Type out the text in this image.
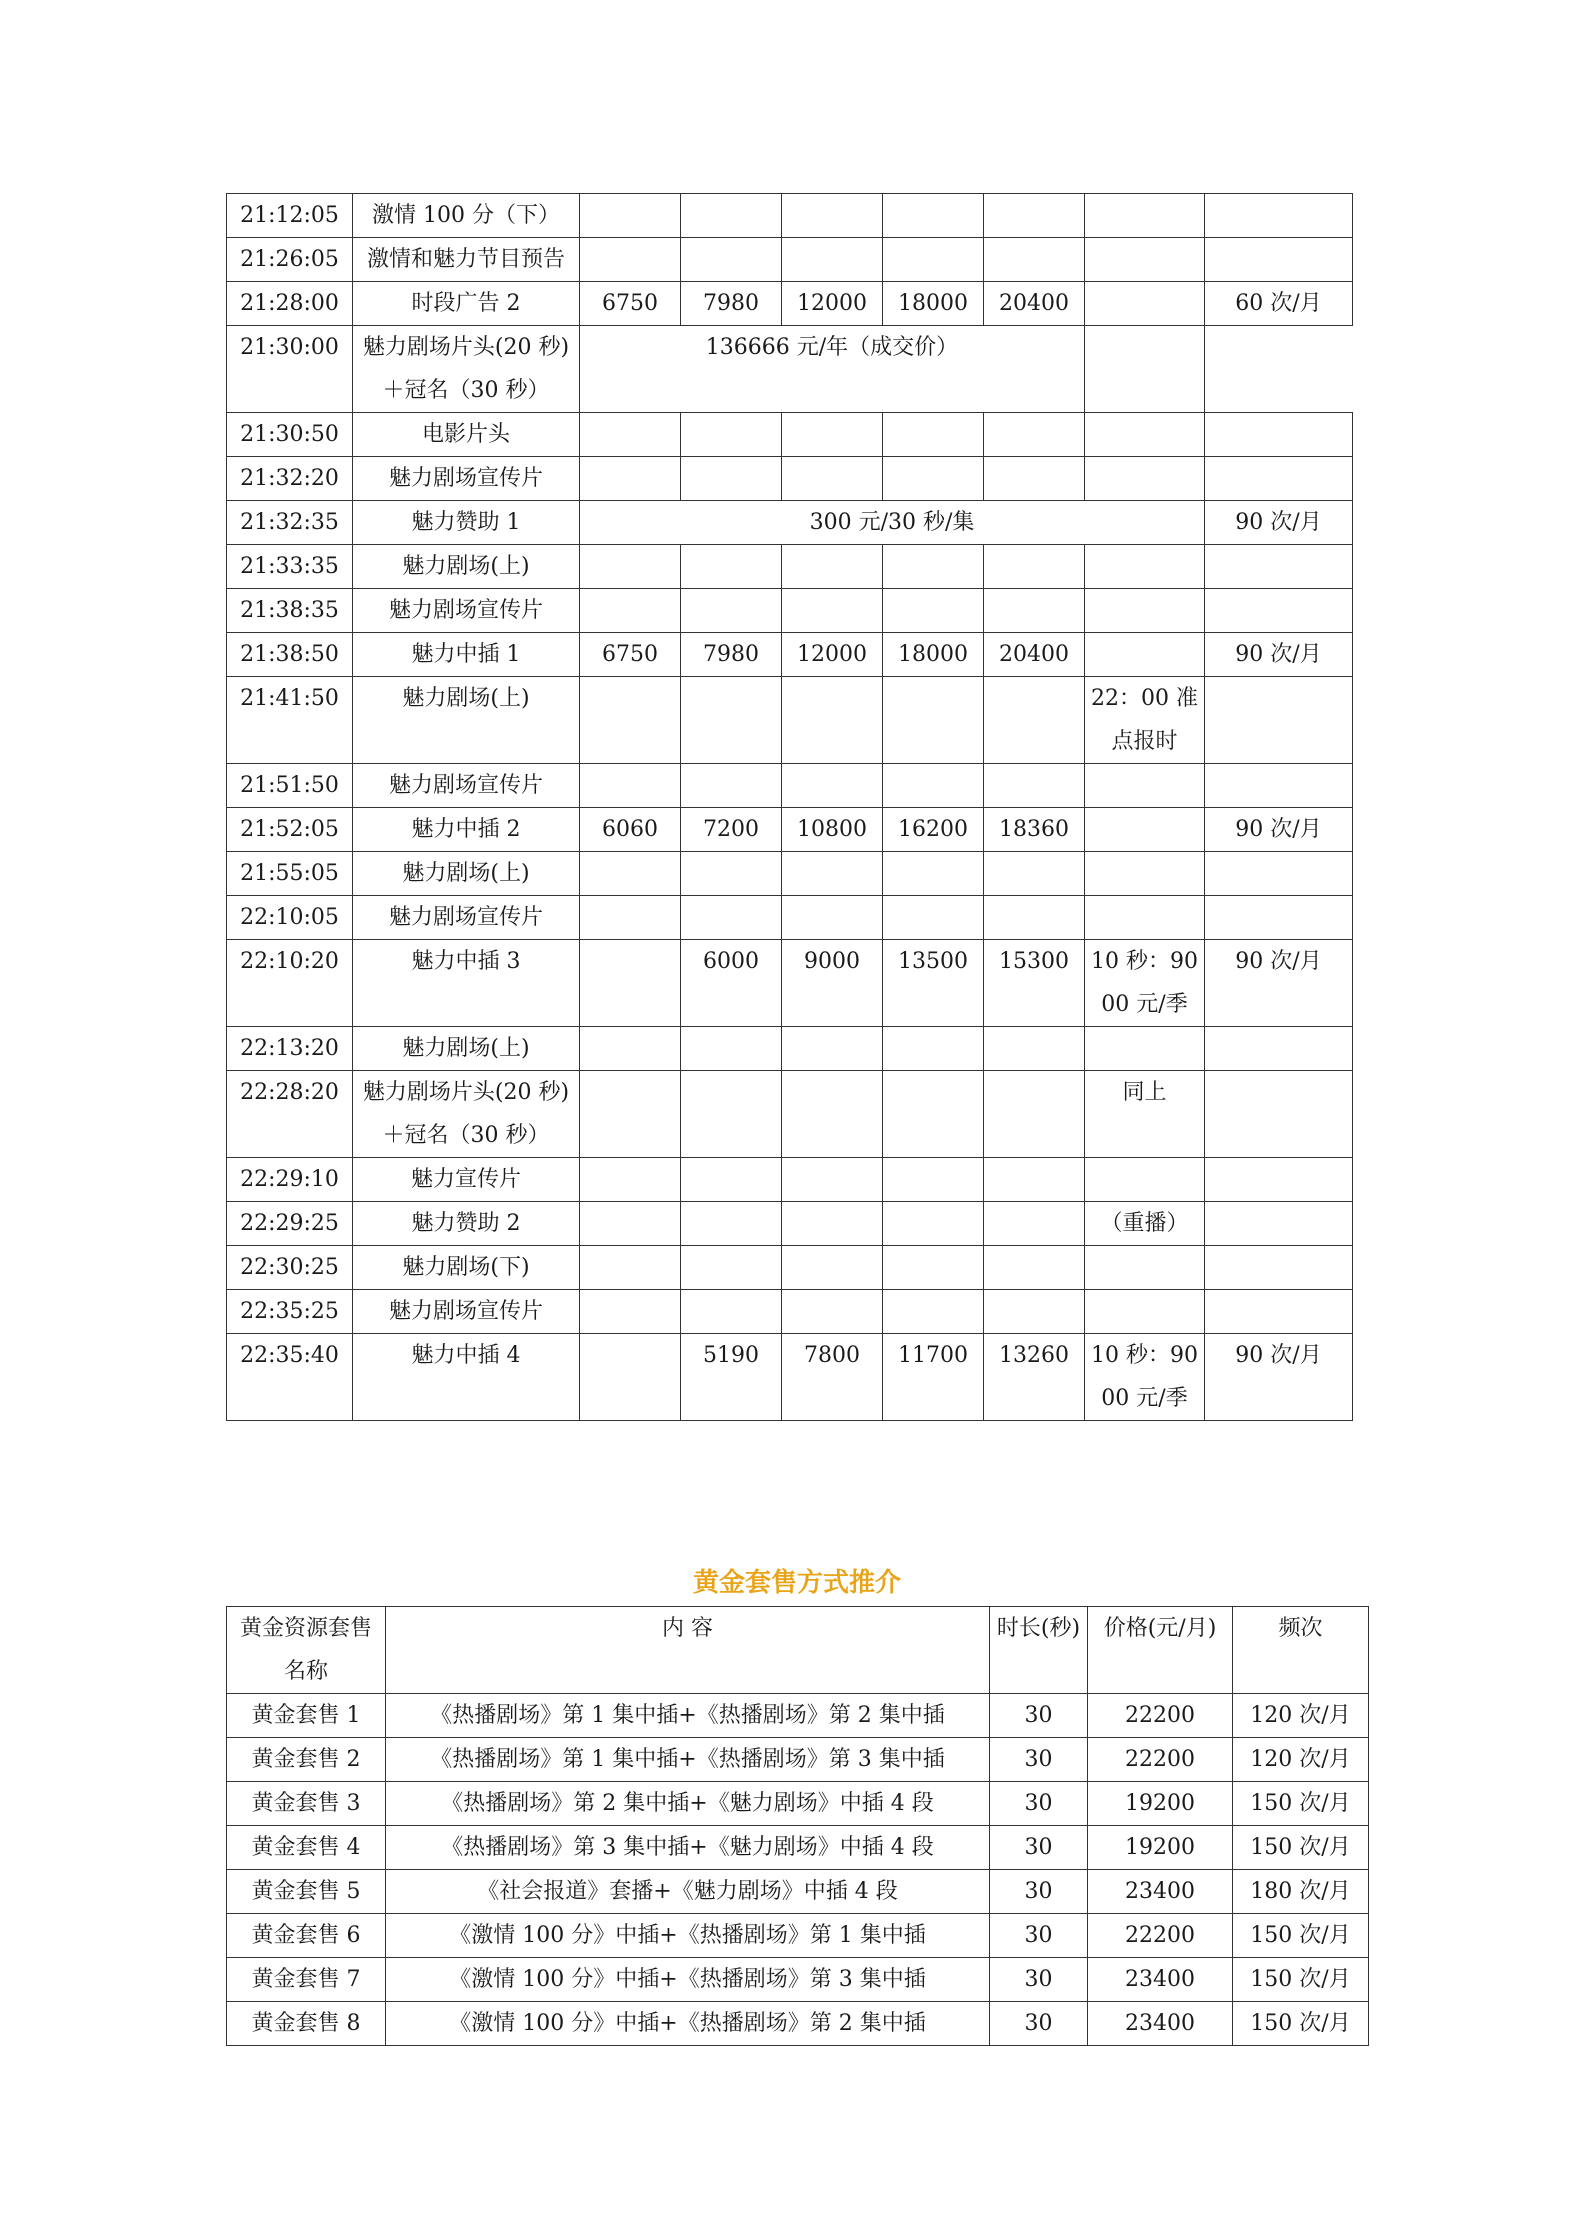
21:12:05	激情 100 分（下）							
21:26:05	激情和魅力节目预告							
21:28:00	时段广告 2	6750	7980	12000	18000	20400		60 次/月
21:30:00	魅力剧场片头(20 秒)＋冠名（30 秒）	136666 元/年（成交价）						
21:30:50	电影片头							
21:32:20	魅力剧场宣传片							
21:32:35	魅力赞助 1	300 元/30 秒/集						90 次/月
21:33:35	魅力剧场(上)							
21:38:35	魅力剧场宣传片							
21:38:50	魅力中插 1	6750	7980	12000	18000	20400		90 次/月
21:41:50	魅力剧场(上)						22：00 准点报时	
21:51:50	魅力剧场宣传片							
21:52:05	魅力中插 2	6060	7200	10800	16200	18360		90 次/月
21:55:05	魅力剧场(上)							
22:10:05	魅力剧场宣传片							
22:10:20	魅力中插 3		6000	9000	13500	15300	10 秒：9000 元/季	90 次/月
22:13:20	魅力剧场(上)							
22:28:20	魅力剧场片头(20 秒)＋冠名（30 秒）						同上	
22:29:10	魅力宣传片							
22:29:25	魅力赞助 2						（重播）	
22:30:25	魅力剧场(下)							
22:35:25	魅力剧场宣传片							
22:35:40	魅力中插 4		5190	7800	11700	13260	10 秒：9000 元/季	90 次/月
黄金套售方式推介
黄金资源套售名称	内 容	时长(秒)	价格(元/月)	频次
黄金套售 1	《热播剧场》第 1 集中插+《热播剧场》第 2 集中插	30	22200	120 次/月
黄金套售 2	《热播剧场》第 1 集中插+《热播剧场》第 3 集中插	30	22200	120 次/月
黄金套售 3	《热播剧场》第 2 集中插+《魅力剧场》中插 4 段	30	19200	150 次/月
黄金套售 4	《热播剧场》第 3 集中插+《魅力剧场》中插 4 段	30	19200	150 次/月
黄金套售 5	《社会报道》套播+《魅力剧场》中插 4 段	30	23400	180 次/月
黄金套售 6	《激情 100 分》中插+《热播剧场》第 1 集中插	30	22200	150 次/月
黄金套售 7	《激情 100 分》中插+《热播剧场》第 3 集中插	30	23400	150 次/月
黄金套售 8	《激情 100 分》中插+《热播剧场》第 2 集中插	30	23400	150 次/月
